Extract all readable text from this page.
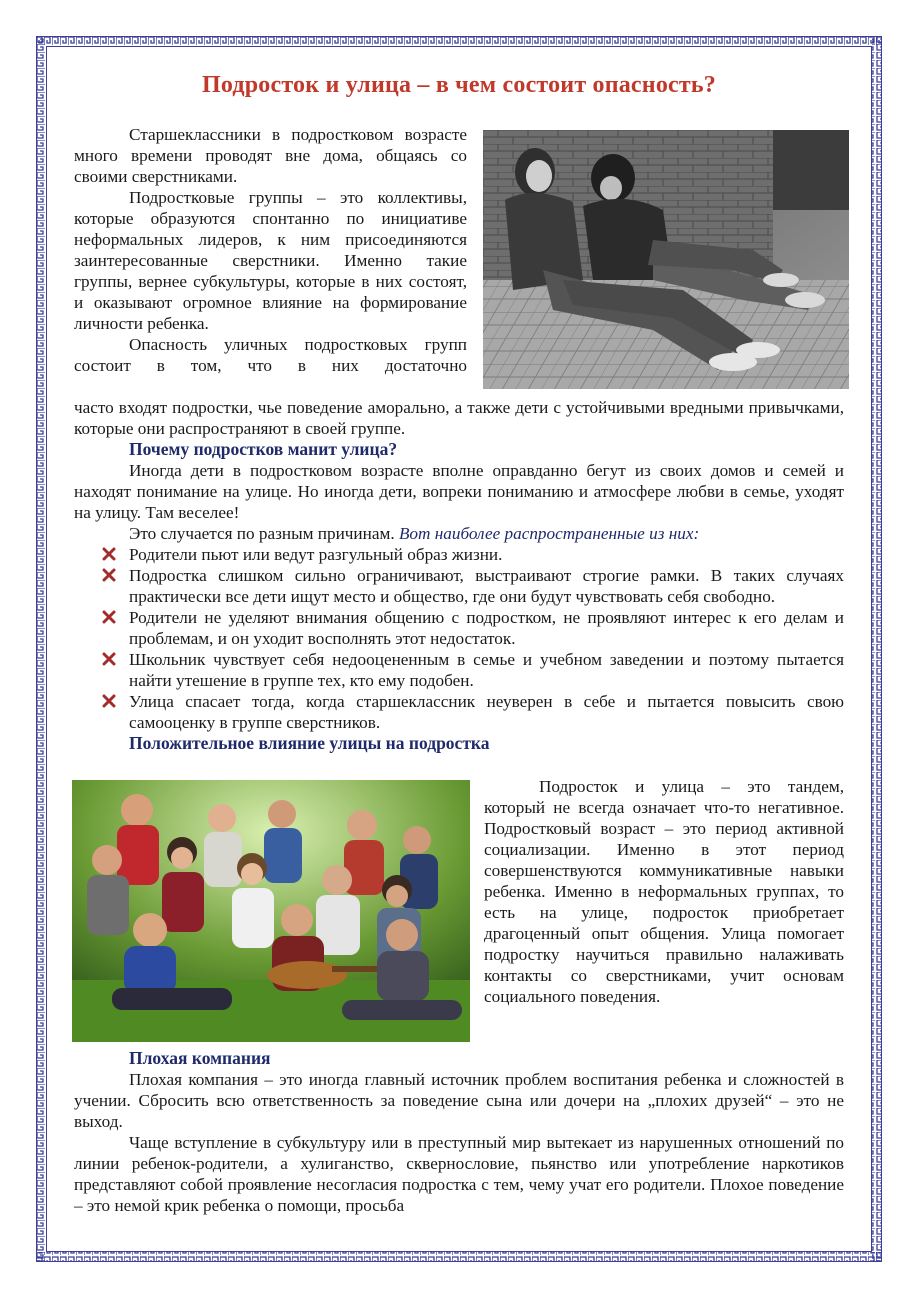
Подросток и улица – в чем состоит опасность?

Старшеклассники в подростковом возрасте много времени проводят вне дома, общаясь со своими сверстниками.

Подростковые группы – это коллективы, которые образуются спонтанно по инициативе неформальных лидеров, к ним присоединяются заинтересованные сверстники. Именно такие группы, вернее субкультуры, которые в них состоят, и оказывают огромное влияние на формирование личности ребенка.

Опасность уличных подростковых групп состоит в том, что в них достаточно

часто входят подростки, чье поведение аморально, а также дети с устойчивыми вредными привычками, которые они распространяют в своей группе.

Почему подростков манит улица?

Иногда дети в подростковом возрасте вполне оправданно бегут из своих домов и семей и находят понимание на улице. Но иногда дети, вопреки пониманию и атмосфере любви в семье, уходят на улицу. Там веселее!

Это случается по разным причинам. Вот наиболее распространенные из них:

Родители пьют или ведут разгульный образ жизни.
Подростка слишком сильно ограничивают, выстраивают строгие рамки. В таких случаях практически все дети ищут место и общество, где они будут чувствовать себя свободно.
Родители не уделяют внимания общению с подростком, не проявляют интерес к его делам и проблемам, и он уходит восполнять этот недостаток.
Школьник чувствует себя недооцененным в семье и учебном заведении и поэтому пытается найти утешение в группе тех, кто ему подобен.
Улица спасает тогда, когда старшеклассник неуверен в себе и пытается повысить свою самооценку в группе сверстников.
Положительное влияние улицы на подростка

Подросток и улица – это тандем, который не всегда означает что-то негативное. Подростковый возраст – это период активной социализации. Именно в этот период совершенствуются коммуникативные навыки ребенка. Именно в неформальных группах, то есть на улице, подросток приобретает драгоценный опыт общения. Улица помогает подростку научиться правильно налаживать контакты со сверстниками, учит основам социального поведения.

Плохая компания

Плохая компания – это иногда главный источник проблем воспитания ребенка и сложностей в учении. Сбросить всю ответственность за поведение сына или дочери на „плохих друзей“ – это не выход.

Чаще вступление в субкультуру или в преступный мир вытекает из нарушенных отношений по линии ребенок-родители, а хулиганство, сквернословие, пьянство или употребление наркотиков представляют собой проявление несогласия подростка с тем, чему учат его родители. Плохое поведение – это немой крик ребенка о помощи, просьба
